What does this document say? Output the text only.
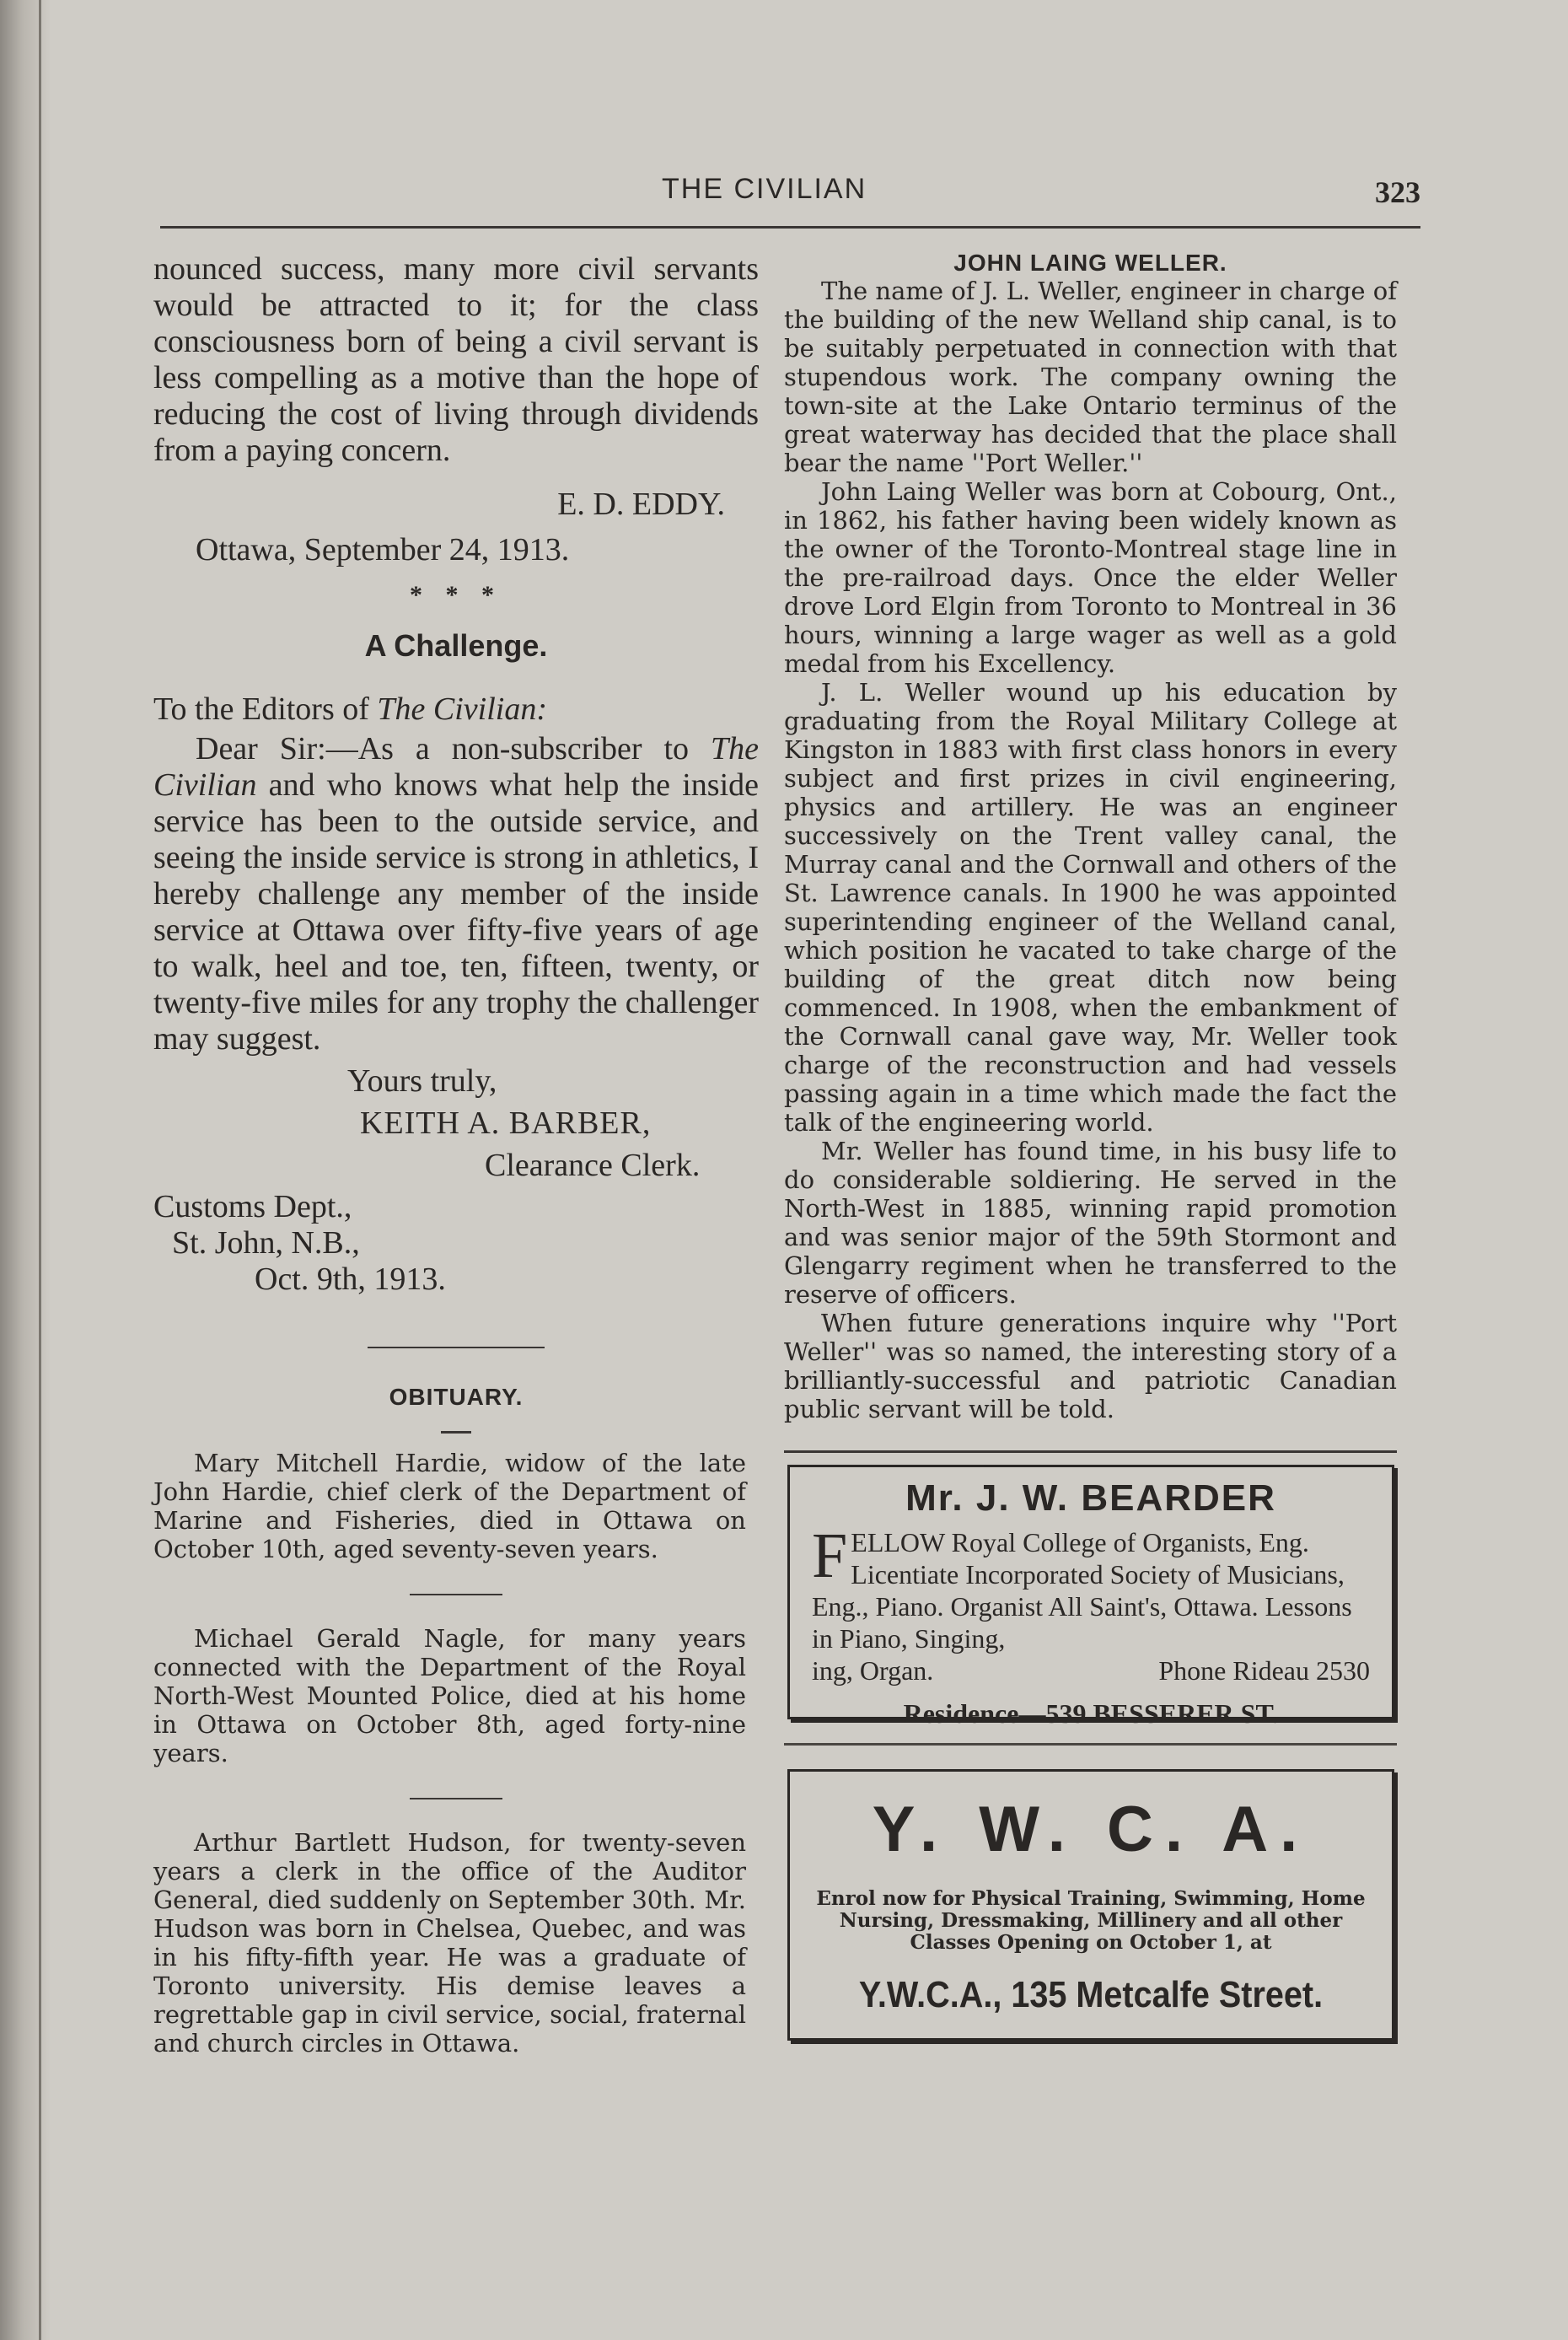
THE CIVILIAN	323

nounced success, many more civil servants would be attracted to it; for the class consciousness born of being a civil servant is less compelling as a motive than the hope of reducing the cost of living through dividends from a paying concern.

E. D. EDDY.

Ottawa, September 24, 1913.

* * *

A Challenge.

To the Editors of The Civilian:

Dear Sir:—As a non-subscriber to The Civilian and who knows what help the inside service has been to the outside service, and seeing the inside service is strong in athletics, I hereby challenge any member of the inside service at Ottawa over fifty-five years of age to walk, heel and toe, ten, fifteen, twenty, or twenty-five miles for any trophy the challenger may suggest.

Yours truly,

KEITH A. BARBER,

Clearance Clerk.

Customs Dept.,

St. John, N.B.,

Oct. 9th, 1913.

OBITUARY.

Mary Mitchell Hardie, widow of the late John Hardie, chief clerk of the Department of Marine and Fisheries, died in Ottawa on October 10th, aged seventy-seven years.

Michael Gerald Nagle, for many years connected with the Department of the Royal North-West Mounted Police, died at his home in Ottawa on October 8th, aged forty-nine years.

Arthur Bartlett Hudson, for twenty-seven years a clerk in the office of the Auditor General, died suddenly on September 30th. Mr. Hudson was born in Chelsea, Quebec, and was in his fifty-fifth year. He was a graduate of Toronto university. His demise leaves a regrettable gap in civil service, social, fraternal and church circles in Ottawa.

JOHN LAING WELLER.

The name of J. L. Weller, engineer in charge of the building of the new Welland ship canal, is to be suitably perpetuated in connection with that stupendous work. The company owning the town-site at the Lake Ontario terminus of the great waterway has decided that the place shall bear the name ''Port Weller.''

John Laing Weller was born at Cobourg, Ont., in 1862, his father having been widely known as the owner of the Toronto-Montreal stage line in the pre-railroad days. Once the elder Weller drove Lord Elgin from Toronto to Montreal in 36 hours, winning a large wager as well as a gold medal from his Excellency.

J. L. Weller wound up his education by graduating from the Royal Military College at Kingston in 1883 with first class honors in every subject and first prizes in civil engineering, physics and artillery. He was an engineer successively on the Trent valley canal, the Murray canal and the Cornwall and others of the St. Lawrence canals. In 1900 he was appointed superintending engineer of the Welland canal, which position he vacated to take charge of the building of the great ditch now being commenced. In 1908, when the embankment of the Cornwall canal gave way, Mr. Weller took charge of the reconstruction and had vessels passing again in a time which made the fact the talk of the engineering world.

Mr. Weller has found time, in his busy life to do considerable soldiering. He served in the North-West in 1885, winning rapid promotion and was senior major of the 59th Stormont and Glengarry regiment when he transferred to the reserve of officers.

When future generations inquire why ''Port Weller'' was so named, the interesting story of a brilliantly-successful and patriotic Canadian public servant will be told.

Mr. J. W. BEARDER

FELLOW Royal College of Organists, Eng. Licentiate Incorporated Society of Musicians, Eng., Piano. Organist All Saint's, Ottawa. Lessons in Piano, Singing,

ing, Organ.	Phone Rideau 2530

Residence—539 BESSERER ST.

Y. W. C. A.

Enrol now for Physical Training, Swimming, Home Nursing, Dressmaking, Millinery and all other Classes Opening on October 1, at

Y.W.C.A., 135 Metcalfe Street.
